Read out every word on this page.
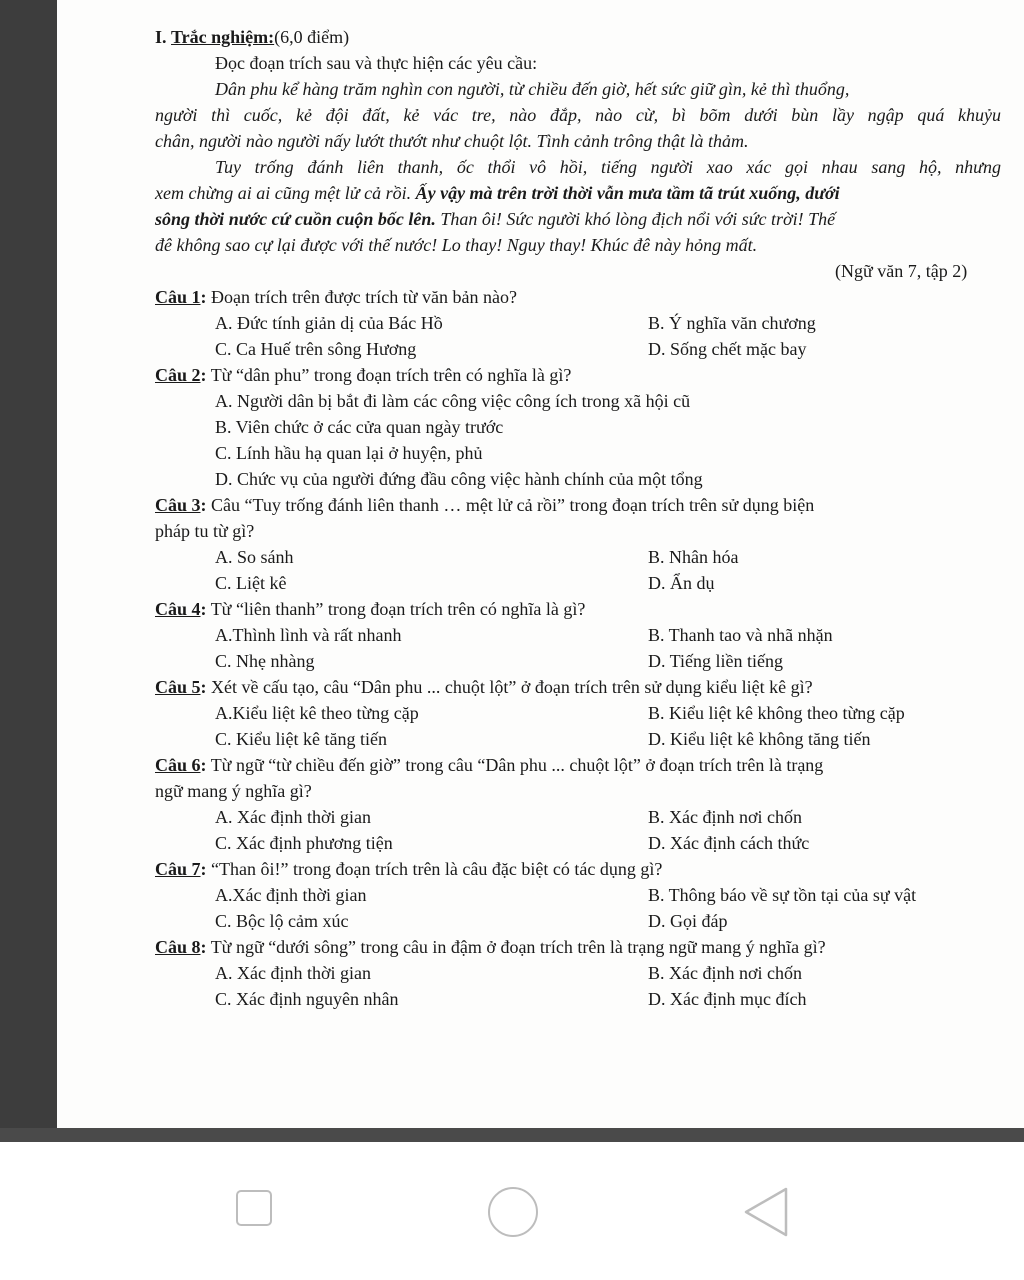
I. Trắc nghiệm:(6,0 điểm)
Đọc đoạn trích sau và thực hiện các yêu cầu:
Dân phu kể hàng trăm nghìn con người, từ chiều đến giờ, hết sức giữ gìn, kẻ thì thuổng,
người thì cuốc, kẻ đội đất, kẻ vác tre, nào đắp, nào cừ, bì bõm dưới bùn lầy ngập quá khuỷu
chân, người nào người nấy lướt thướt như chuột lột. Tình cảnh trông thật là thảm.
Tuy trống đánh liên thanh, ốc thổi vô hồi, tiếng người xao xác gọi nhau sang hộ, nhưng
xem chừng ai ai cũng mệt lử cả rồi. Ấy vậy mà trên trời thời vẫn mưa tầm tã trút xuống, dưới
sông thời nước cứ cuồn cuộn bốc lên. Than ôi! Sức người khó lòng địch nổi với sức trời! Thế
đê không sao cự lại được với thế nước! Lo thay! Nguy thay! Khúc đê này hỏng mất.
(Ngữ văn 7, tập 2)
Câu 1: Đoạn trích trên được trích từ văn bản nào?
A. Đức tính giản dị của Bác Hồ	B. Ý nghĩa văn chương
C. Ca Huế trên sông Hương	D. Sống chết mặc bay
Câu 2: Từ “dân phu” trong đoạn trích trên có nghĩa là gì?
A. Người dân bị bắt đi làm các công việc công ích trong xã hội cũ
B. Viên chức ở các cửa quan ngày trước
C. Lính hầu hạ quan lại ở huyện, phủ
D. Chức vụ của người đứng đầu công việc hành chính của một tổng
Câu 3: Câu “Tuy trống đánh liên thanh … mệt lử cả rồi” trong đoạn trích trên sử dụng biện
pháp tu từ gì?
A. So sánh	B. Nhân hóa
C. Liệt kê	D. Ẩn dụ
Câu 4: Từ “liên thanh” trong đoạn trích trên có nghĩa là gì?
A.Thình lình và rất nhanh	B. Thanh tao và nhã nhặn
C. Nhẹ nhàng	D. Tiếng liền tiếng
Câu 5: Xét về cấu tạo, câu “Dân phu ... chuột lột” ở đoạn trích trên sử dụng kiểu liệt kê gì?
A.Kiểu liệt kê theo từng cặp	B. Kiểu liệt kê không theo từng cặp
C. Kiểu liệt kê tăng tiến	D. Kiểu liệt kê không tăng tiến
Câu 6: Từ ngữ “từ chiều đến giờ” trong câu “Dân phu ... chuột lột” ở đoạn trích trên là trạng
ngữ mang ý nghĩa gì?
A. Xác định thời gian	B. Xác định nơi chốn
C. Xác định phương tiện	D. Xác định cách thức
Câu 7: “Than ôi!” trong đoạn trích trên là câu đặc biệt có tác dụng gì?
A.Xác định thời gian	B. Thông báo về sự tồn tại của sự vật
C. Bộc lộ cảm xúc	D. Gọi đáp
Câu 8: Từ ngữ “dưới sông” trong câu in đậm ở đoạn trích trên là trạng ngữ mang ý nghĩa gì?
A. Xác định thời gian	B. Xác định nơi chốn
C. Xác định nguyên nhân	D. Xác định mục đích
